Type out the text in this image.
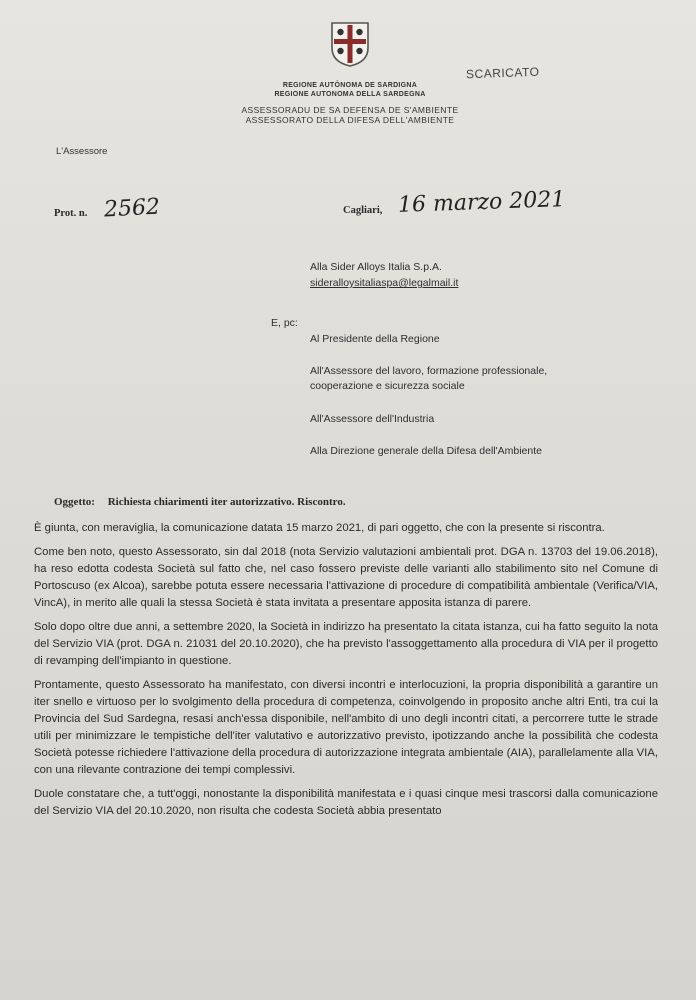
REGIONE AUTÒNOMA DE SARDIGNA
REGIONE AUTONOMA DELLA SARDEGNA
ASSESSORADU DE SA DEFENSA DE S'AMBIENTE
ASSESSORATO DELLA DIFESA DELL'AMBIENTE
SCARICATO
L'Assessore
Prot. n. 2562	Cagliari, 16 marzo 2021
Alla Sider Alloys Italia S.p.A.
sideralloysitaliaspa@legalmail.it
E, pc:
Al Presidente della Regione
All'Assessore del lavoro, formazione professionale,
cooperazione e sicurezza sociale
All'Assessore dell'Industria
Alla Direzione generale della Difesa dell'Ambiente
Oggetto: Richiesta chiarimenti iter autorizzativo. Riscontro.

È giunta, con meraviglia, la comunicazione datata 15 marzo 2021, di pari oggetto, che con la presente si riscontra.

Come ben noto, questo Assessorato, sin dal 2018 (nota Servizio valutazioni ambientali prot. DGA n. 13703 del 19.06.2018), ha reso edotta codesta Società sul fatto che, nel caso fossero previste delle varianti allo stabilimento sito nel Comune di Portoscuso (ex Alcoa), sarebbe potuta essere necessaria l'attivazione di procedure di compatibilità ambientale (Verifica/VIA, VincA), in merito alle quali la stessa Società è stata invitata a presentare apposita istanza di parere.

Solo dopo oltre due anni, a settembre 2020, la Società in indirizzo ha presentato la citata istanza, cui ha fatto seguito la nota del Servizio VIA (prot. DGA n. 21031 del 20.10.2020), che ha previsto l'assoggettamento alla procedura di VIA per il progetto di revamping dell'impianto in questione.

Prontamente, questo Assessorato ha manifestato, con diversi incontri e interlocuzioni, la propria disponibilità a garantire un iter snello e virtuoso per lo svolgimento della procedura di competenza, coinvolgendo in proposito anche altri Enti, tra cui la Provincia del Sud Sardegna, resasi anch'essa disponibile, nell'ambito di uno degli incontri citati, a percorrere tutte le strade utili per minimizzare le tempistiche dell'iter valutativo e autorizzativo previsto, ipotizzando anche la possibilità che codesta Società potesse richiedere l'attivazione della procedura di autorizzazione integrata ambientale (AIA), parallelamente alla VIA, con una rilevante contrazione dei tempi complessivi.

Duole constatare che, a tutt'oggi, nonostante la disponibilità manifestata e i quasi cinque mesi trascorsi dalla comunicazione del Servizio VIA del 20.10.2020, non risulta che codesta Società abbia presentato
